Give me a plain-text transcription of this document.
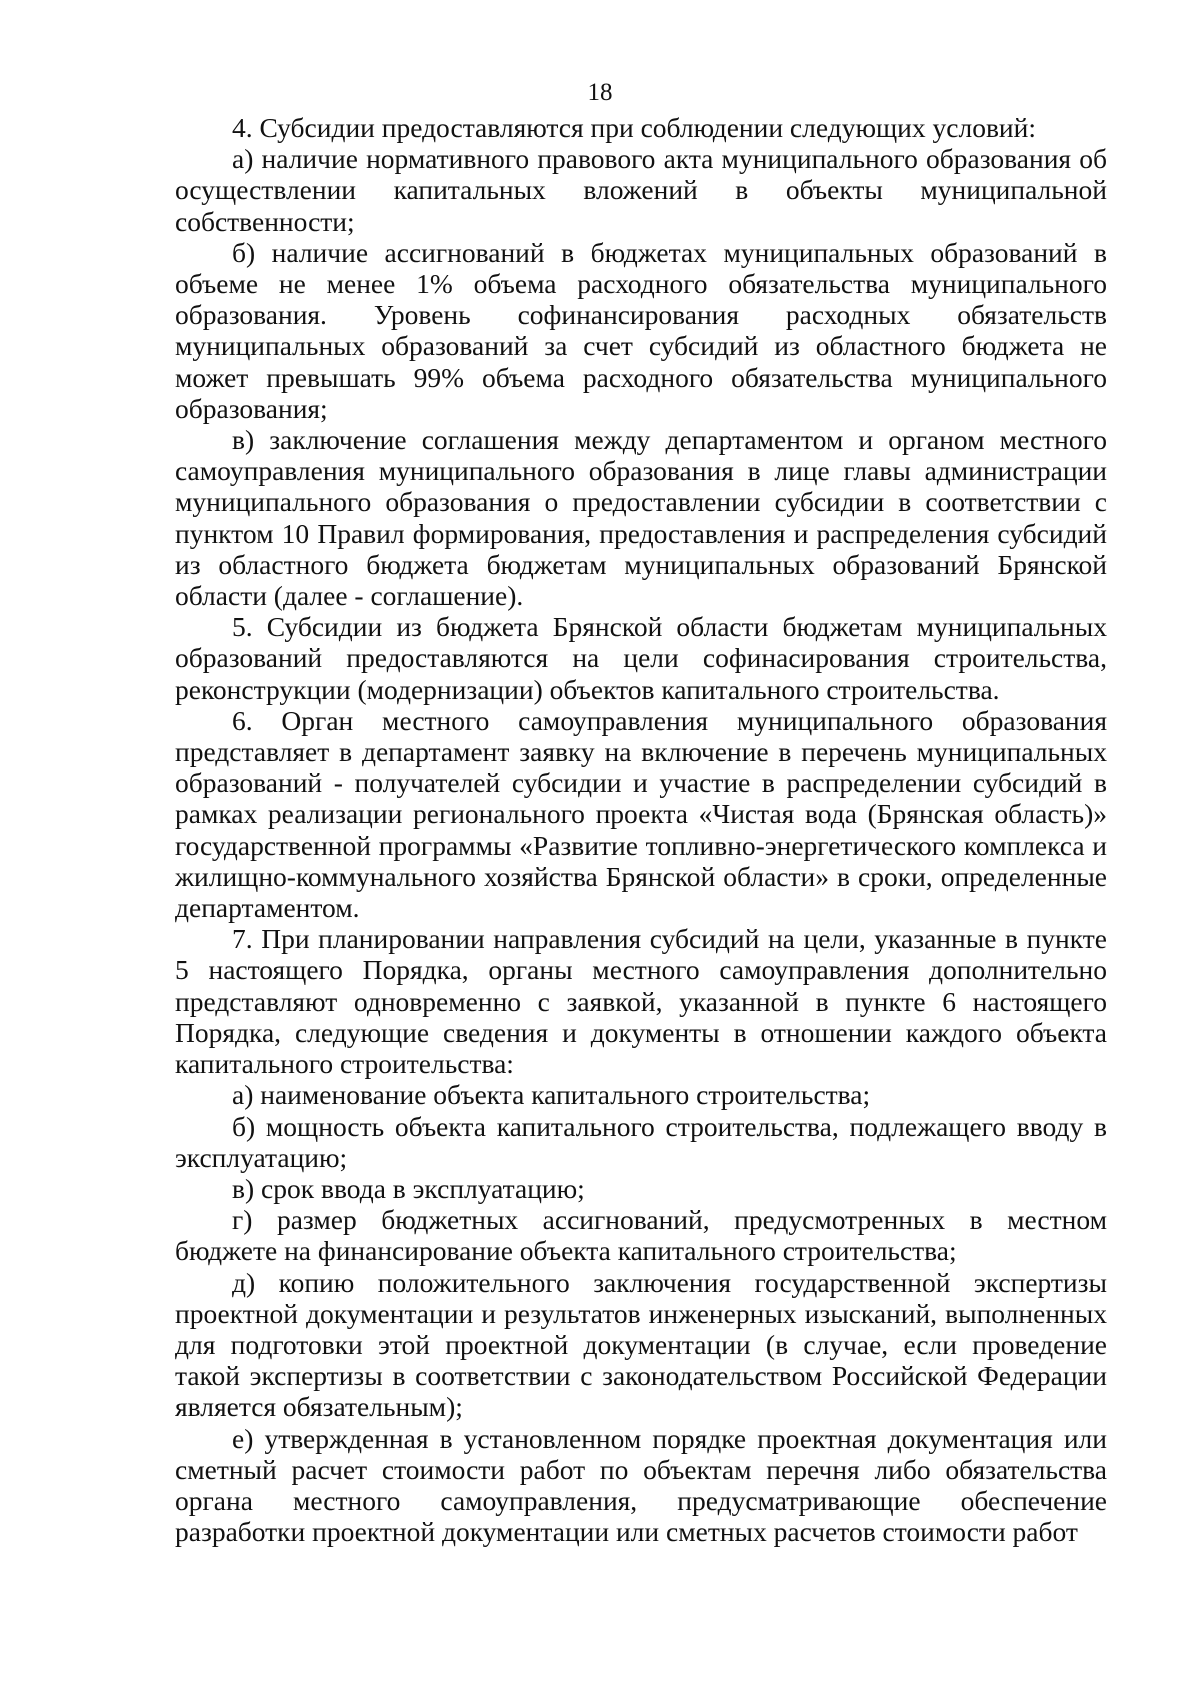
18

4. Субсидии предоставляются при соблюдении следующих условий:

а) наличие нормативного правового акта муниципального образования об осуществлении капитальных вложений в объекты муниципальной собственности;

б) наличие ассигнований в бюджетах муниципальных образований в объеме не менее 1% объема расходного обязательства муниципального образования. Уровень софинансирования расходных обязательств муниципальных образований за счет субсидий из областного бюджета не может превышать 99% объема расходного обязательства муниципального образования;

в) заключение соглашения между департаментом и органом местного самоуправления муниципального образования в лице главы администрации муниципального образования о предоставлении субсидии в соответствии с пунктом 10 Правил формирования, предоставления и распределения субсидий из областного бюджета бюджетам муниципальных образований Брянской области (далее - соглашение).

5. Субсидии из бюджета Брянской области бюджетам муниципальных образований предоставляются на цели софинасирования строительства, реконструкции (модернизации) объектов капитального строительства.

6. Орган местного самоуправления муниципального образования представляет в департамент заявку на включение в перечень муниципальных образований - получателей субсидии и участие в распределении субсидий в рамках реализации регионального проекта «Чистая вода (Брянская область)» государственной программы «Развитие топливно-энергетического комплекса и жилищно-коммунального хозяйства Брянской области» в сроки, определенные департаментом.

7. При планировании направления субсидий на цели, указанные в пункте 5 настоящего Порядка, органы местного самоуправления дополнительно представляют одновременно с заявкой, указанной в пункте 6 настоящего Порядка, следующие сведения и документы в отношении каждого объекта капитального строительства:

а) наименование объекта капитального строительства;

б) мощность объекта капитального строительства, подлежащего вводу в эксплуатацию;

в) срок ввода в эксплуатацию;

г) размер бюджетных ассигнований, предусмотренных в местном бюджете на финансирование объекта капитального строительства;

д) копию положительного заключения государственной экспертизы проектной документации и результатов инженерных изысканий, выполненных для подготовки этой проектной документации (в случае, если проведение такой экспертизы в соответствии с законодательством Российской Федерации является обязательным);

е) утвержденная в установленном порядке проектная документация или сметный расчет стоимости работ по объектам перечня либо обязательства органа местного самоуправления, предусматривающие обеспечение разработки проектной документации или сметных расчетов стоимости работ
